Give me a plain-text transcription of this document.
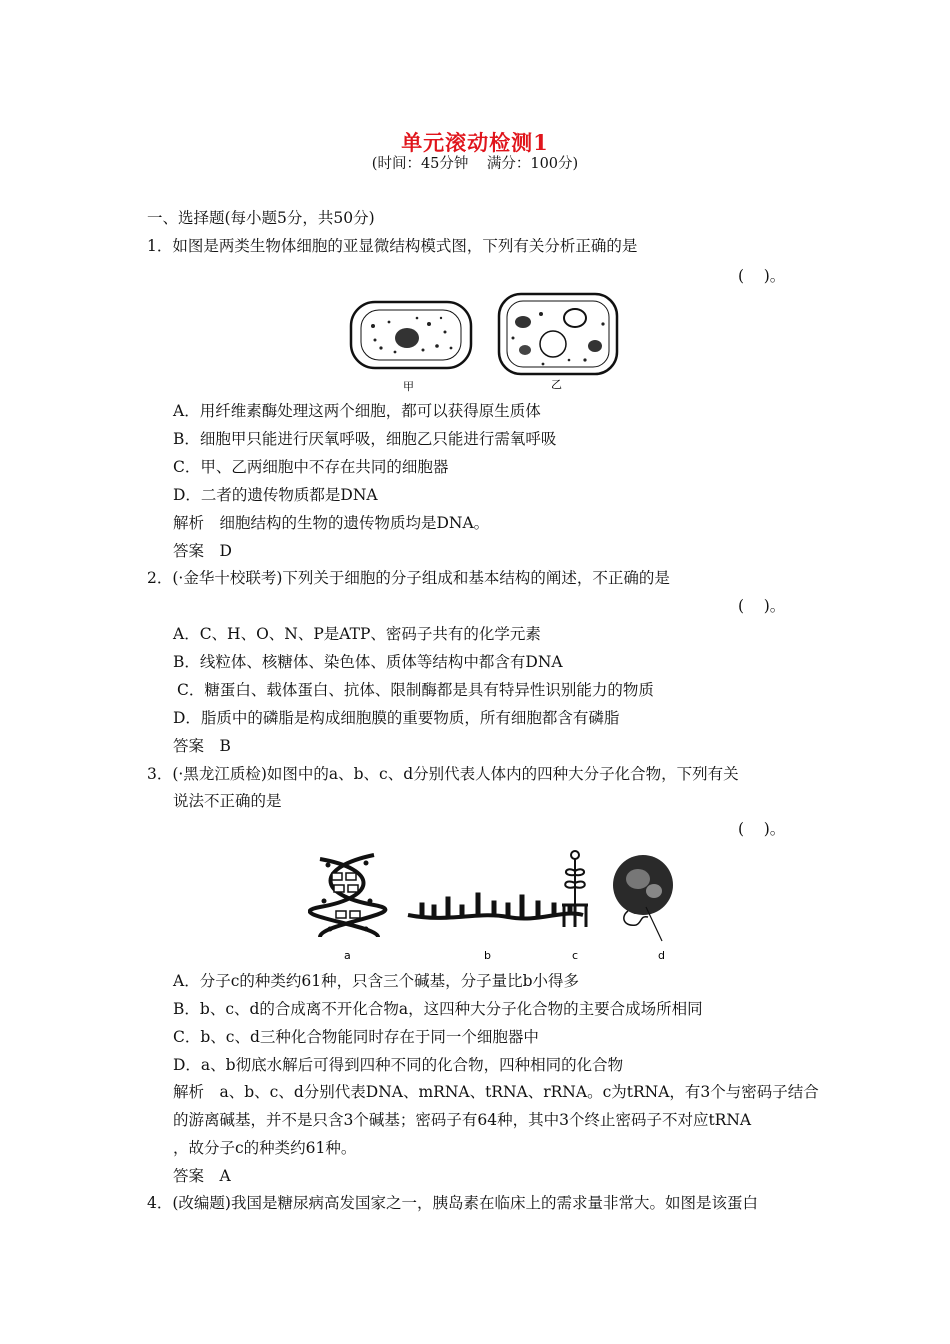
单元滚动检测1
(时间：45分钟    满分：100分)
一、选择题(每小题5分，共50分)
1．如图是两类生物体细胞的亚显微结构模式图，下列有关分析正确的是
(    )。
甲	乙
A．用纤维素酶处理这两个细胞，都可以获得原生质体
B．细胞甲只能进行厌氧呼吸，细胞乙只能进行需氧呼吸
C．甲、乙两细胞中不存在共同的细胞器
D．二者的遗传物质都是DNA
解析　细胞结构的生物的遗传物质均是DNA。
答案　D
2．(·金华十校联考)下列关于细胞的分子组成和基本结构的阐述，不正确的是
(    )。
A．C、H、O、N、P是ATP、密码子共有的化学元素
B．线粒体、核糖体、染色体、质体等结构中都含有DNA
C．糖蛋白、载体蛋白、抗体、限制酶都是具有特异性识别能力的物质
D．脂质中的磷脂是构成细胞膜的重要物质，所有细胞都含有磷脂
答案　B
3．(·黑龙江质检)如图中的a、b、c、d分别代表人体内的四种大分子化合物，下列有关
说法不正确的是
(    )。
a	b	c	d
A．分子c的种类约61种，只含三个碱基，分子量比b小得多
B．b、c、d的合成离不开化合物a，这四种大分子化合物的主要合成场所相同
C．b、c、d三种化合物能同时存在于同一个细胞器中
D．a、b彻底水解后可得到四种不同的化合物，四种相同的化合物
解析　a、b、c、d分别代表DNA、mRNA、tRNA、rRNA。c为tRNA，有3个与密码子结合
的游离碱基，并不是只含3个碱基；密码子有64种，其中3个终止密码子不对应tRNA
，故分子c的种类约61种。
答案　A
4．(改编题)我国是糖尿病高发国家之一，胰岛素在临床上的需求量非常大。如图是该蛋白
